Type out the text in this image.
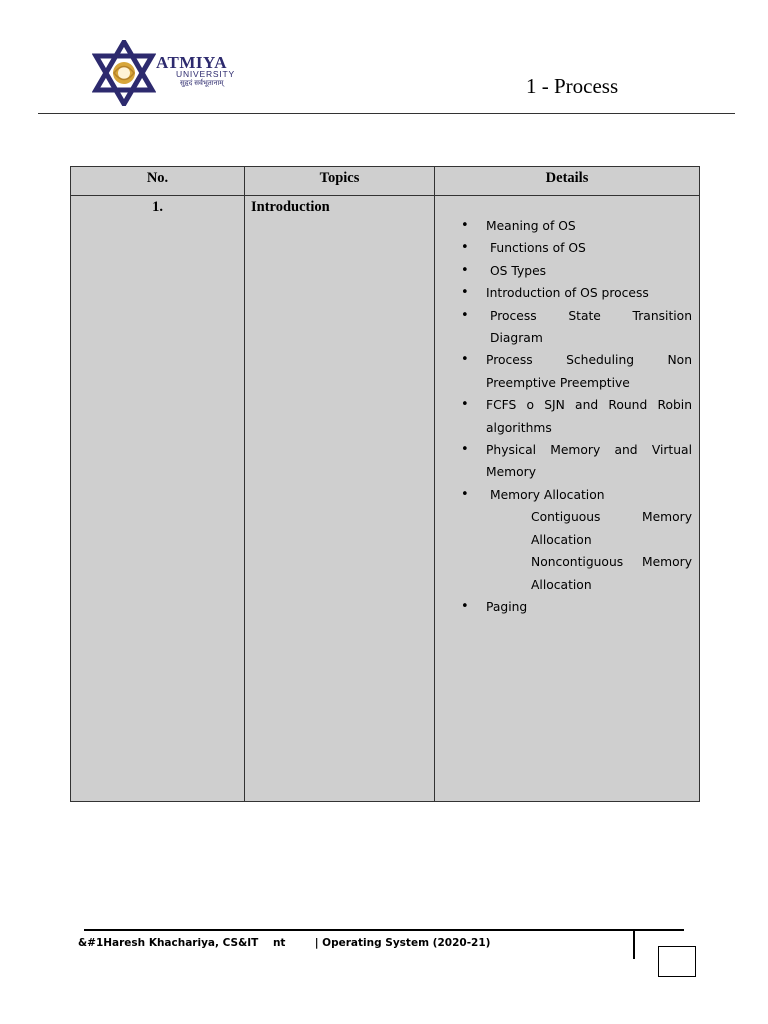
ATMIYA
UNIVERSITY
सुहृदं सर्वभूतानाम्	1 - Process
No.	Topics	Details
1.	Introduction
• Meaning of OS
• Functions of OS
• OS Types
• Introduction of OS process
• Process State Transition Diagram
• Process Scheduling Non Preemptive Preemptive
• FCFS o SJN and Round Robin algorithms
• Physical Memory and Virtual Memory
• Memory Allocation
Contiguous Memory Allocation
Noncontiguous Memory Allocation
• Paging
&#1Haresh Khachariya, CS&IT    nt        | Operating System (2020-21)
